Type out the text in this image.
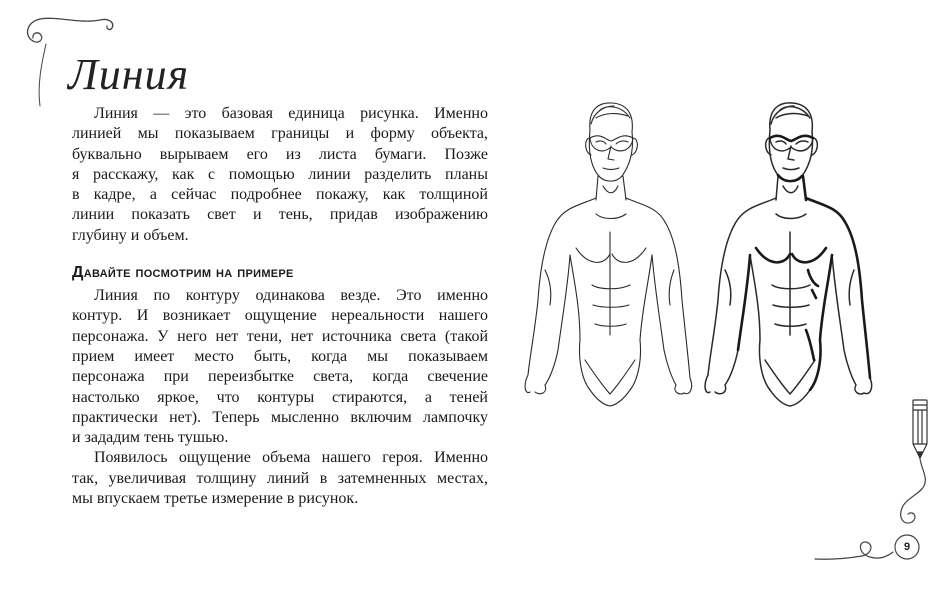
Линия
Линия — это базовая единица рисунка. Именно
линией мы показываем границы и форму объекта,
буквально вырываем его из листа бумаги. Позже
я расскажу, как с помощью линии разделить планы
в кадре, а сейчас подробнее покажу, как толщиной
линии показать свет и тень, придав изображению
глубину и объем.
Давайте посмотрим на примере
Линия по контуру одинакова везде. Это именно
контур. И возникает ощущение нереальности нашего
персонажа. У него нет тени, нет источника света (такой
прием имеет место быть, когда мы показываем
персонажа при переизбытке света, когда свечение
настолько яркое, что контуры стираются, а теней
практически нет). Теперь мысленно включим лампочку
и зададим тень тушью.
Появилось ощущение объема нашего героя. Именно
так, увеличивая толщину линий в затемненных местах,
мы впускаем третье измерение в рисунок.
9
